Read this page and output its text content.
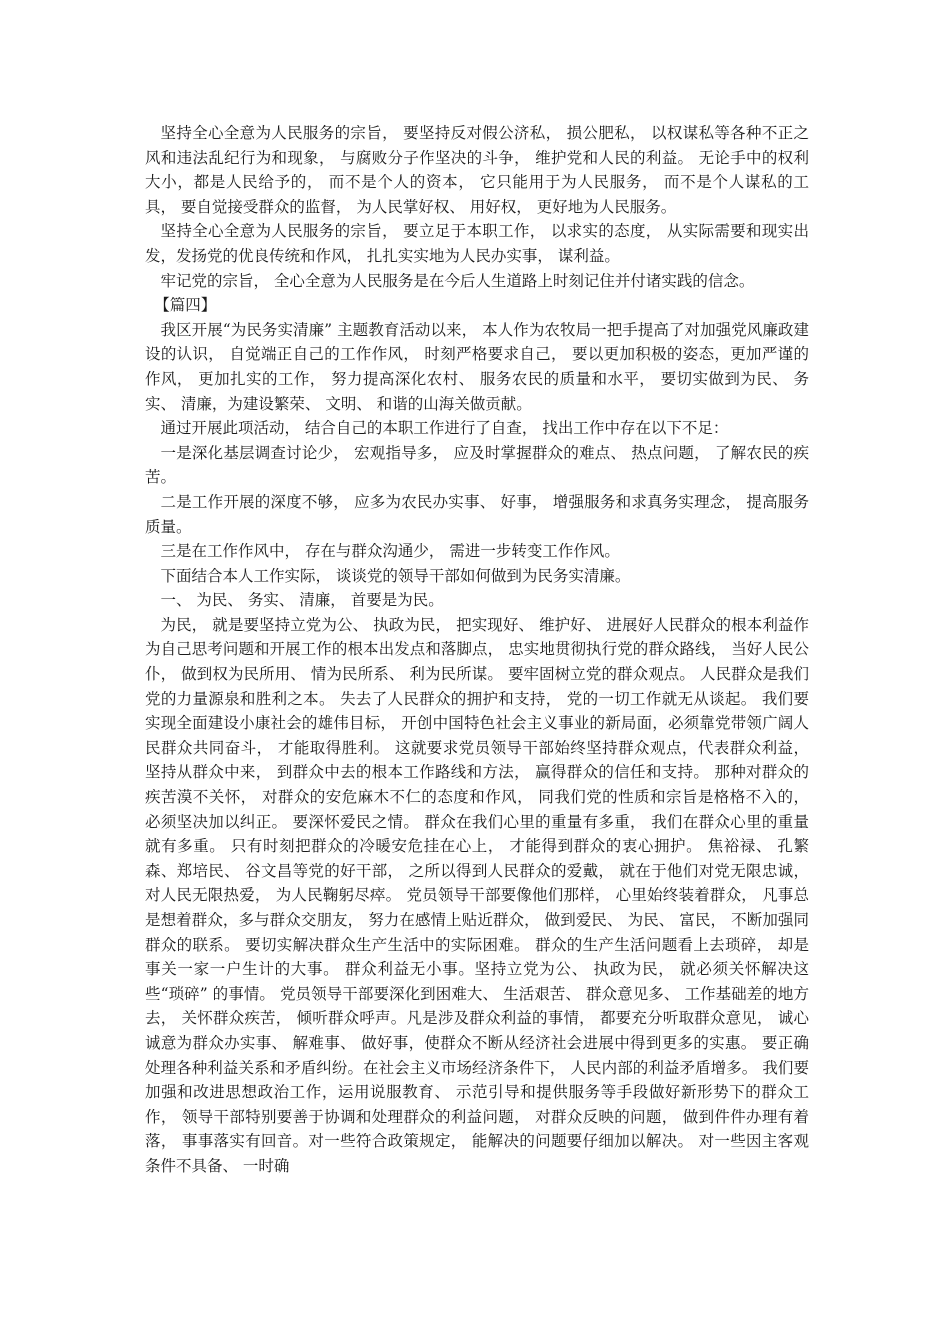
坚持全心全意为人民服务的宗旨， 要坚持反对假公济私， 损公肥私， 以权谋私等各种不正之风和违法乱纪行为和现象， 与腐败分子作坚决的斗争， 维护党和人民的利益。 无论手中的权利大小，都是人民给予的， 而不是个人的资本， 它只能用于为人民服务， 而不是个人谋私的工具， 要自觉接受群众的监督， 为人民掌好权、 用好权， 更好地为人民服务。

坚持全心全意为人民服务的宗旨， 要立足于本职工作， 以求实的态度， 从实际需要和现实出发，发扬党的优良传统和作风， 扎扎实实地为人民办实事， 谋利益。

牢记党的宗旨， 全心全意为人民服务是在今后人生道路上时刻记住并付诸实践的信念。

【篇四】

我区开展“为民务实清廉” 主题教育活动以来， 本人作为农牧局一把手提高了对加强党风廉政建设的认识， 自觉端正自己的工作作风， 时刻严格要求自己， 要以更加积极的姿态，更加严谨的作风， 更加扎实的工作， 努力提高深化农村、 服务农民的质量和水平， 要切实做到为民、 务实、 清廉，为建设繁荣、 文明、 和谐的山海关做贡献。

通过开展此项活动， 结合自己的本职工作进行了自查， 找出工作中存在以下不足：

一是深化基层调查讨论少， 宏观指导多， 应及时掌握群众的难点、 热点问题， 了解农民的疾苦。

二是工作开展的深度不够， 应多为农民办实事、 好事， 增强服务和求真务实理念， 提高服务质量。

三是在工作作风中， 存在与群众沟通少， 需进一步转变工作作风。

下面结合本人工作实际， 谈谈党的领导干部如何做到为民务实清廉。

一、 为民、 务实、 清廉， 首要是为民。

为民， 就是要坚持立党为公、 执政为民， 把实现好、 维护好、 进展好人民群众的根本利益作为自己思考问题和开展工作的根本出发点和落脚点， 忠实地贯彻执行党的群众路线， 当好人民公仆， 做到权为民所用、 情为民所系、 利为民所谋。 要牢固树立党的群众观点。 人民群众是我们党的力量源泉和胜利之本。 失去了人民群众的拥护和支持， 党的一切工作就无从谈起。 我们要实现全面建设小康社会的雄伟目标， 开创中国特色社会主义事业的新局面，必须靠党带领广阔人民群众共同奋斗， 才能取得胜利。 这就要求党员领导干部始终坚持群众观点，代表群众利益， 坚持从群众中来， 到群众中去的根本工作路线和方法， 赢得群众的信任和支持。 那种对群众的疾苦漠不关怀， 对群众的安危麻木不仁的态度和作风， 同我们党的性质和宗旨是格格不入的， 必须坚决加以纠正。 要深怀爱民之情。 群众在我们心里的重量有多重， 我们在群众心里的重量就有多重。 只有时刻把群众的冷暖安危挂在心上， 才能得到群众的衷心拥护。 焦裕禄、 孔繁森、郑培民、 谷文昌等党的好干部， 之所以得到人民群众的爱戴， 就在于他们对党无限忠诚， 对人民无限热爱， 为人民鞠躬尽瘁。 党员领导干部要像他们那样， 心里始终装着群众， 凡事总是想着群众，多与群众交朋友， 努力在感情上贴近群众， 做到爱民、 为民、 富民， 不断加强同群众的联系。 要切实解决群众生产生活中的实际困难。 群众的生产生活问题看上去琐碎， 却是事关一家一户生计的大事。 群众利益无小事。坚持立党为公、 执政为民， 就必须关怀解决这些“琐碎” 的事情。 党员领导干部要深化到困难大、 生活艰苦、 群众意见多、 工作基础差的地方去， 关怀群众疾苦， 倾听群众呼声。凡是涉及群众利益的事情， 都要充分听取群众意见， 诚心诚意为群众办实事、 解难事、 做好事，使群众不断从经济社会进展中得到更多的实惠。 要正确处理各种利益关系和矛盾纠纷。在社会主义市场经济条件下， 人民内部的利益矛盾增多。 我们要加强和改进思想政治工作，运用说服教育、 示范引导和提供服务等手段做好新形势下的群众工作， 领导干部特别要善于协调和处理群众的利益问题， 对群众反映的问题， 做到件件办理有着落， 事事落实有回音。对一些符合政策规定， 能解决的问题要仔细加以解决。 对一些因主客观条件不具备、 一时确
